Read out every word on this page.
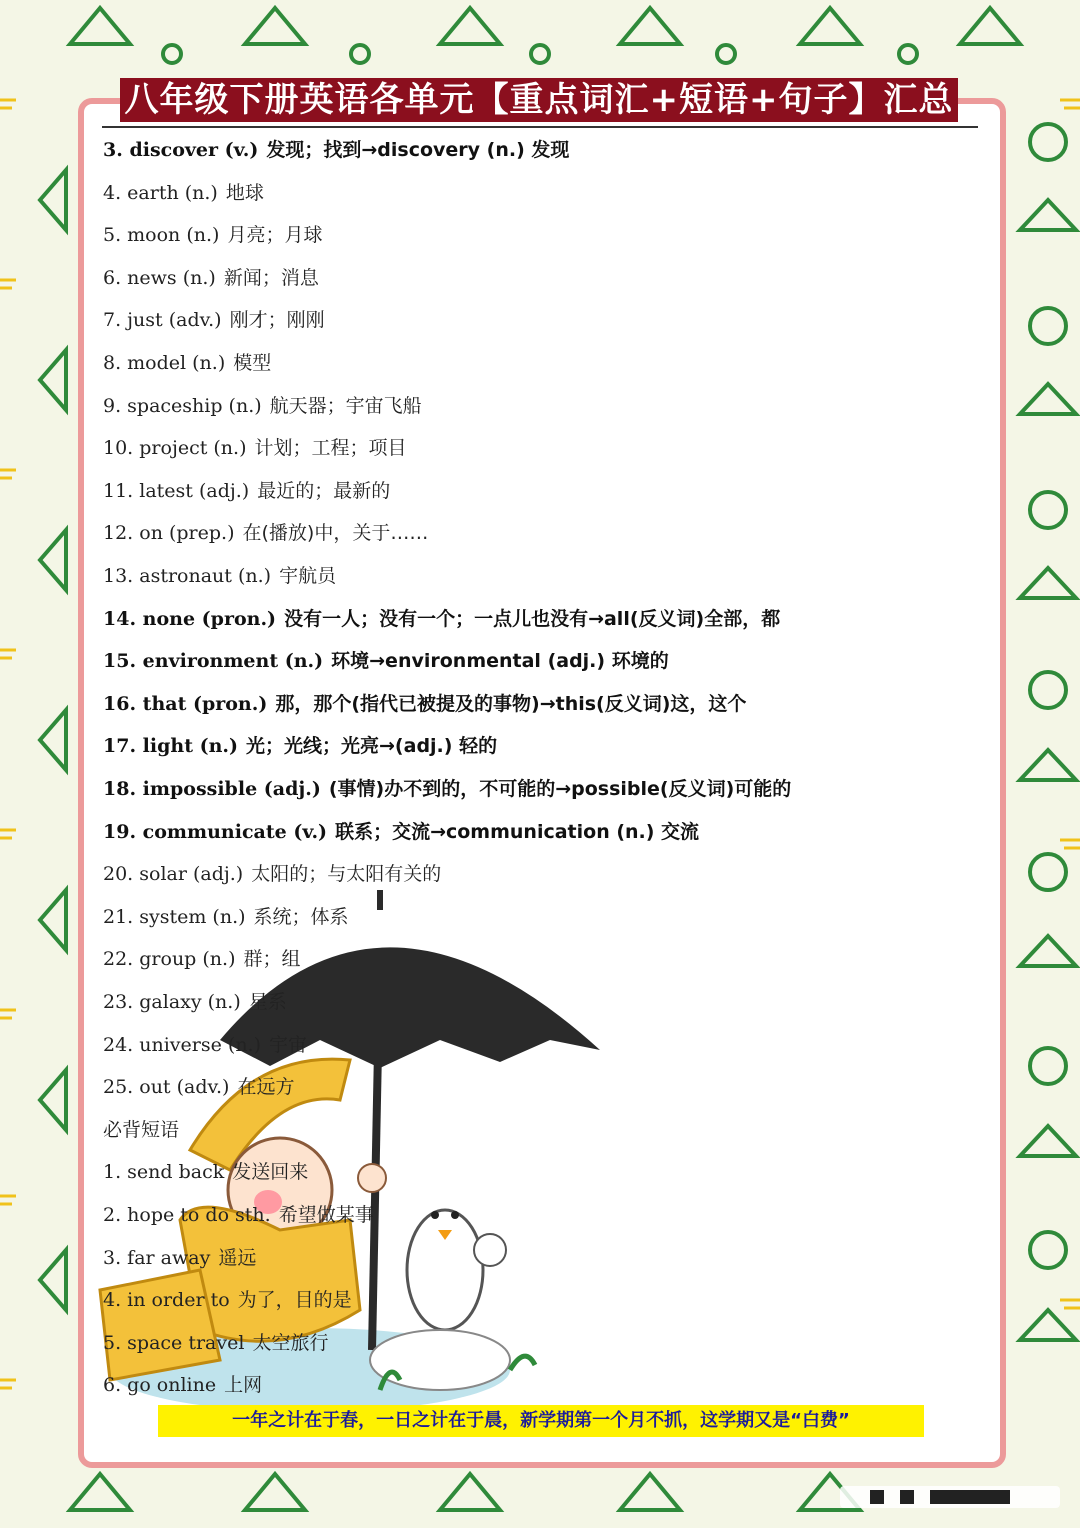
八年级下册英语各单元【重点词汇+短语+句子】汇总
3. discover (v.) 发现；找到→discovery (n.) 发现
4. earth (n.) 地球
5. moon (n.) 月亮；月球
6. news (n.) 新闻；消息
7. just (adv.) 刚才；刚刚
8. model (n.) 模型
9. spaceship (n.) 航天器；宇宙飞船
10. project (n.) 计划；工程；项目
11. latest (adj.) 最近的；最新的
12. on (prep.) 在(播放)中，关于……
13. astronaut (n.) 宇航员
14. none (pron.) 没有一人；没有一个；一点儿也没有→all(反义词)全部，都
15. environment (n.) 环境→environmental (adj.) 环境的
16. that (pron.) 那，那个(指代已被提及的事物)→this(反义词)这，这个
17. light (n.) 光；光线；光亮→(adj.) 轻的
18. impossible (adj.) (事情)办不到的，不可能的→possible(反义词)可能的
19. communicate (v.) 联系；交流→communication (n.) 交流
20. solar (adj.) 太阳的；与太阳有关的
21. system (n.) 系统；体系
22. group (n.) 群；组
23. galaxy (n.) 星系
24. universe (n.) 宇宙
25. out (adv.) 在远方
必背短语
1. send back 发送回来
2. hope to do sth. 希望做某事
3. far away 遥远
4. in order to 为了，目的是
5. space travel 太空旅行
6. go online 上网
一年之计在于春，一日之计在于晨，新学期第一个月不抓，这学期又是“白费”
